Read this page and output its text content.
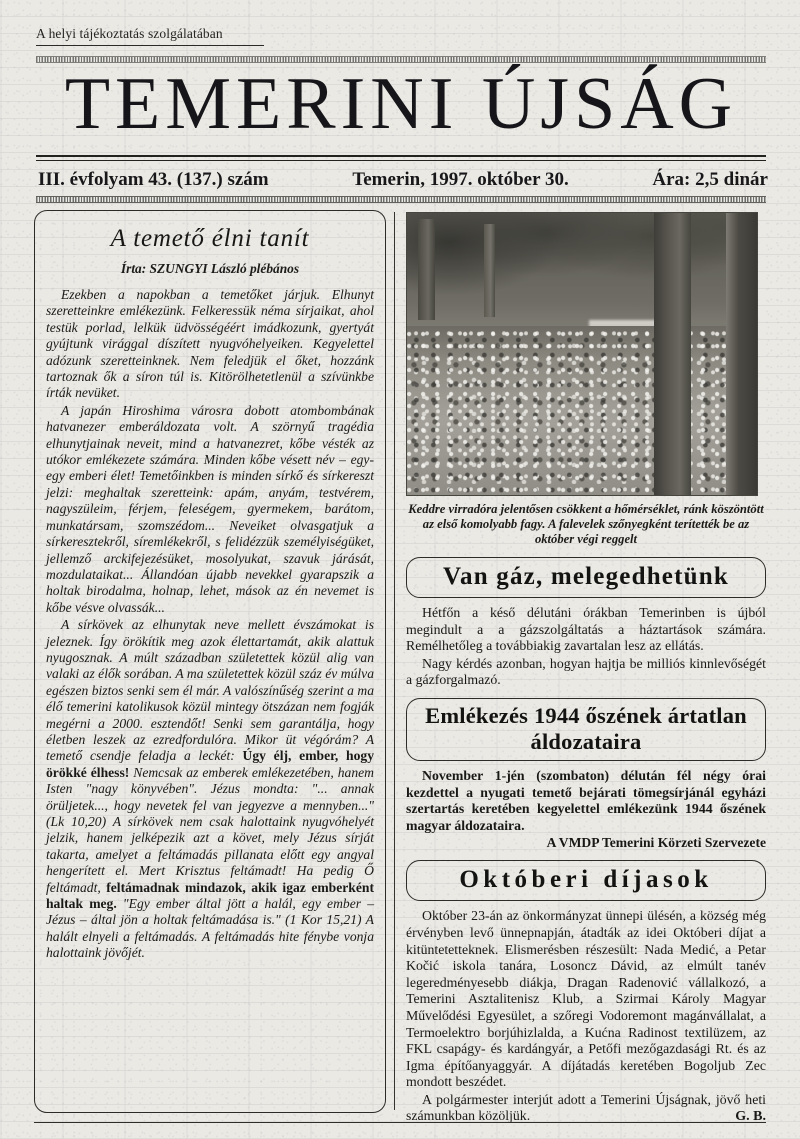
A helyi tájékoztatás szolgálatában
TEMERINI ÚJSÁG
III. évfolyam 43. (137.) szám	Temerin, 1997. október 30.	Ára: 2,5 dinár
A temető élni tanít
Írta: SZUNGYI László plébános

Ezekben a napokban a temetőket járjuk. Elhunyt szeretteinkre emlékezünk. Felkeressük néma sírjaikat, ahol testük porlad, lelkük üdvösségéért imádkozunk, gyertyát gyújtunk virággal díszített nyugvóhelyeiken. Kegyelettel adózunk szeretteinknek. Nem feledjük el őket, hozzánk tartoznak ők a síron túl is. Kitörölhetetlenül a szívünkbe írták nevüket.

A japán Hiroshima városra dobott atombombának hatvanezer emberáldozata volt. A szörnyű tragédia elhunytjainak neveit, mind a hatvanezret, kőbe vésték az utókor emlékezete számára. Minden kőbe vésett név – egy-egy emberi élet! Temetőinkben is minden sírkő és sírkereszt jelzi: meghaltak szeretteink: apám, anyám, testvérem, nagyszüleim, férjem, feleségem, gyermekem, barátom, munkatársam, szomszédom... Neveiket olvasgatjuk a sírkeresztekről, síremlékekről, s felidézzük személyiségüket, jellemző arckifejezésüket, mosolyukat, szavuk járását, mozdulataikat... Állandóan újabb nevekkel gyarapszik a holtak birodalma, holnap, lehet, mások az én nevemet is kőbe vésve olvassák...

A sírkövek az elhunytak neve mellett évszámokat is jeleznek. Így örökítik meg azok élettartamát, akik alattuk nyugosznak. A múlt században születettek közül alig van valaki az élők sorában. A ma születettek közül száz év múlva egészen biztos senki sem él már. A valószínűség szerint a ma élő temerini katolikusok közül mintegy ötszázan nem fogják megérni a 2000. esztendőt! Senki sem garantálja, hogy életben leszek az ezredfordulóra. Mikor üt végórám? A temető csendje feladja a leckét: Úgy élj, ember, hogy örökké élhess! Nemcsak az emberek emlékezetében, hanem Isten "nagy könyvében". Jézus mondta: "... annak örüljetek..., hogy nevetek fel van jegyezve a mennyben..." (Lk 10,20) A sírkövek nem csak halottaink nyugvóhelyét jelzik, hanem jelképezik azt a követ, mely Jézus sírját takarta, amelyet a feltámadás pillanata előtt egy angyal hengerített el. Mert Krisztus feltámadt! Ha pedig Ő feltámadt, feltámadnak mindazok, akik igaz emberként haltak meg. "Egy ember által jött a halál, egy ember – Jézus – által jön a holtak feltámadása is." (1 Kor 15,21) A halált elnyeli a feltámadás. A feltámadás hite fénybe vonja halottaink jövőjét.

Keddre virradóra jelentősen csökkent a hőmérséklet, ránk köszöntött az első komolyabb fagy. A falevelek szőnyegként terítették be az október végi reggelt
Van gáz, melegedhetünk

Hétfőn a késő délutáni órákban Temerinben is újból megindult a a gázszolgáltatás a háztartások számára. Remélhetőleg a továbbiakig zavartalan lesz az ellátás.

Nagy kérdés azonban, hogyan hajtja be milliós kinnlevőségét a gázforgalmazó.

Emlékezés 1944 őszének ártatlan áldozataira

November 1-jén (szombaton) délután fél négy órai kezdettel a nyugati temető bejárati tömegsírjánál egyházi szertartás keretében kegyelettel emlékezünk 1944 őszének magyar áldozataira.

A VMDP Temerini Körzeti Szervezete
Októberi díjasok

Október 23-án az önkormányzat ünnepi ülésén, a község még érvényben levő ünnepnapján, átadták az idei Októberi díjat a kitüntetetteknek. Elismerésben részesült: Nada Medić, a Petar Kočić iskola tanára, Losoncz Dávid, az elmúlt tanév legeredményesebb diákja, Dragan Radenović vállalkozó, a Temerini Asztalitenisz Klub, a Szirmai Károly Magyar Művelődési Egyesület, a szőregi Vodoremont magánvállalat, a Termoelektro borjúhizlalda, a Kućna Radinost textilüzem, az FKL csapágy- és kardángyár, a Petőfi mezőgazdasági Rt. és az Igma építőanyaggyár. A díjátadás keretében Bogoljub Zec mondott beszédet.

A polgármester interjút adott a Temerini Újságnak, jövő heti számunkban közöljük.	G. B.
